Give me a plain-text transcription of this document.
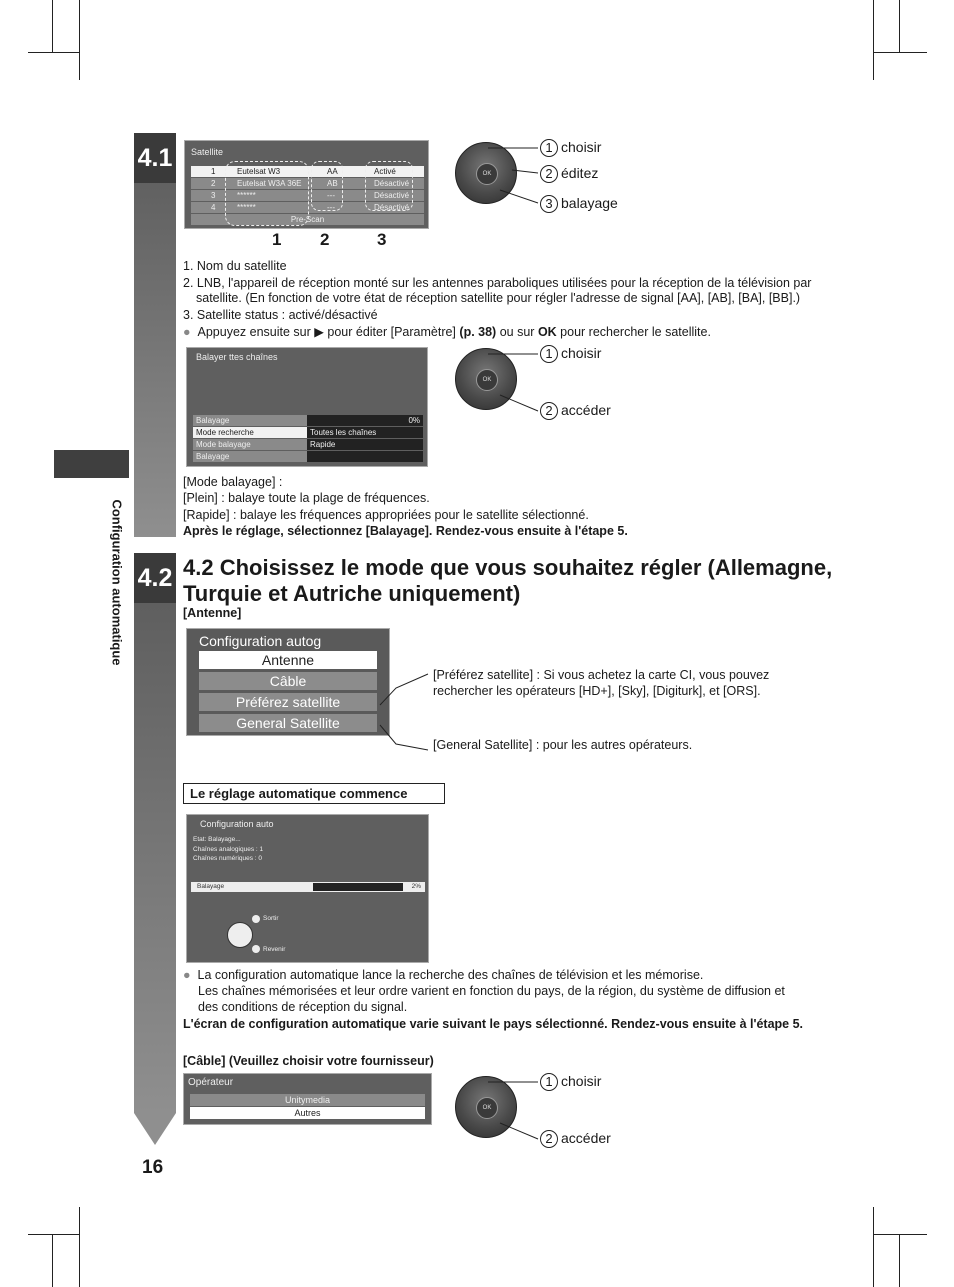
Configuration automatique
16
4.1	Satellite
1	Eutelsat W3	AA	Activé
2	Eutelsat W3A 36E	AB	Désactivé
3	******	---	Désactivé
4	******	---	Désactivé
Pre-Scan
1 2	3
OK
1 choisir
2 éditez
3 balayage
1. Nom du satellite
2. LNB, l'appareil de réception monté sur les antennes paraboliques utilisées pour la réception de la télévision par
satellite. (En fonction de votre état de réception satellite pour régler l'adresse de signal [AA], [AB], [BA], [BB].)
3. Satellite status : activé/désactivé
● Appuyez ensuite sur ▶ pour éditer [Paramètre] (p. 38) ou sur OK pour rechercher le satellite.
Balayer ttes chaînes
Balayage	0%
Mode recherche	Toutes les chaînes
Mode balayage	Rapide
Balayage
OK
1 choisir
2 accéder
[Mode balayage] :
[Plein] : balaye toute la plage de fréquences.
[Rapide] : balaye les fréquences appropriées pour le satellite sélectionné.
Après le réglage, sélectionnez [Balayage]. Rendez-vous ensuite à l'étape 5.
4.2 4.2 Choisissez le mode que vous souhaitez régler (Allemagne,
Turquie et Autriche uniquement)
[Antenne]
Configuration autog
Antenne
Câble
Préférez satellite
General Satellite
[Préférez satellite] : Si vous achetez la carte CI, vous pouvez
rechercher les opérateurs [HD+], [Sky], [Digiturk], et [ORS].
[General Satellite] : pour les autres opérateurs.
Le réglage automatique commence
Configuration auto
Etat: Balayage...
Chaînes analogiques : 1
Chaînes numériques : 0
Balayage	2%
Sortir
Revenir
● La configuration automatique lance la recherche des chaînes de télévision et les mémorise.
Les chaînes mémorisées et leur ordre varient en fonction du pays, de la région, du système de diffusion et
des conditions de réception du signal.
L'écran de configuration automatique varie suivant le pays sélectionné. Rendez-vous ensuite à l'étape 5.
[Câble] (Veuillez choisir votre fournisseur)
Opérateur
Unitymedia
Autres	OK
1 choisir
2 accéder
